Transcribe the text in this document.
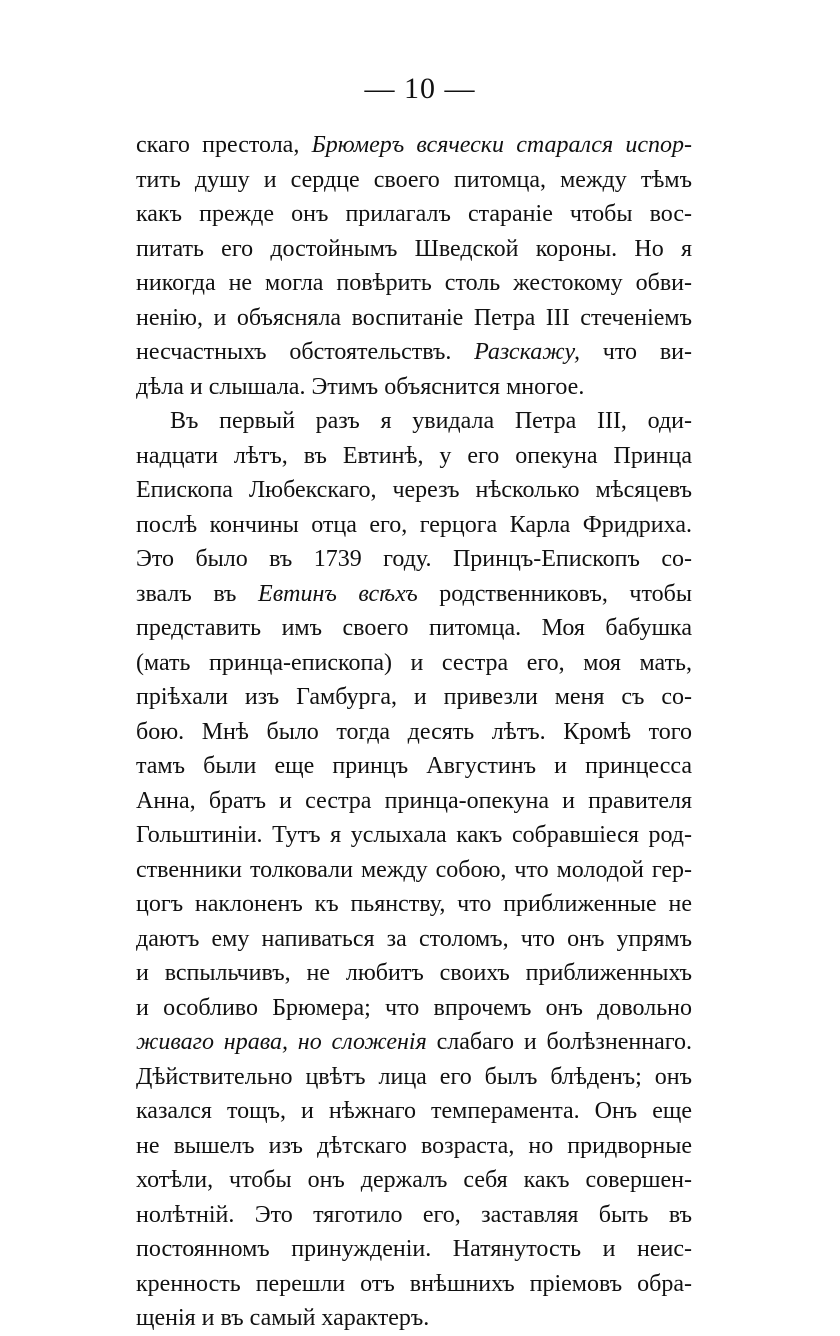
— 10 —
скаго престола, Брюмеръ всячески старался испор-
тить душу и сердце своего питомца, между тѣмъ
какъ прежде онъ прилагалъ стараніе чтобы вос-
питать его достойнымъ Шведской короны. Но я
никогда не могла повѣрить столь жестокому обви-
ненію, и объясняла воспитаніе Петра III стеченіемъ
несчастныхъ обстоятельствъ. Разскажу, что ви-
дѣла и слышала. Этимъ объяснится многое.
Въ первый разъ я увидала Петра III, оди-
надцати лѣтъ, въ Евтинѣ, у его опекуна Принца
Епископа Любекскаго, черезъ нѣсколько мѣсяцевъ
послѣ кончины отца его, герцога Карла Фридриха.
Это было въ 1739 году. Принцъ-Епископъ со-
звалъ въ Евтинъ всѣхъ родственниковъ, чтобы
представить имъ своего питомца. Моя бабушка
(мать принца-епископа) и сестра его, моя мать,
пріѣхали изъ Гамбурга, и привезли меня съ со-
бою. Мнѣ было тогда десять лѣтъ. Кромѣ того
тамъ были еще принцъ Августинъ и принцесса
Анна, братъ и сестра принца-опекуна и правителя
Гольштиніи. Тутъ я услыхала какъ собравшіеся род-
ственники толковали между собою, что молодой гер-
цогъ наклоненъ къ пьянству, что приближенные не
даютъ ему напиваться за столомъ, что онъ упрямъ
и вспыльчивъ, не любитъ своихъ приближенныхъ
и особливо Брюмера; что впрочемъ онъ довольно
живаго нрава, но сложенія слабаго и болѣзненнаго.
Дѣйствительно цвѣтъ лица его былъ блѣденъ; онъ
казался тощъ, и нѣжнаго темперамента. Онъ еще
не вышелъ изъ дѣтскаго возраста, но придворные
хотѣли, чтобы онъ держалъ себя какъ совершен-
нолѣтній. Это тяготило его, заставляя быть въ
постоянномъ принужденіи. Натянутость и неис-
кренность перешли отъ внѣшнихъ пріемовъ обра-
щенія и въ самый характеръ.
